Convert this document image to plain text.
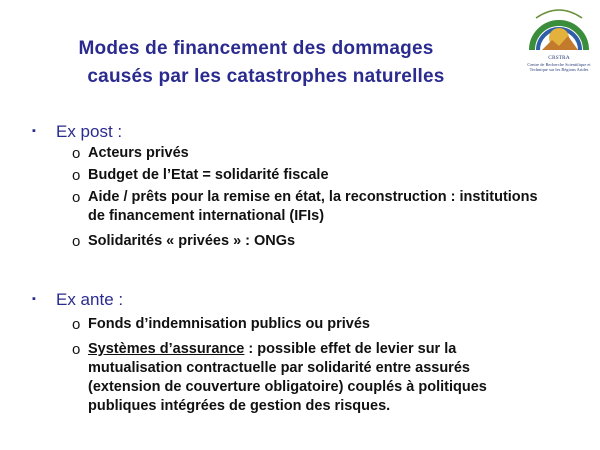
Modes de financement des dommages
causés par les catastrophes naturelles
CRSTRA
Centre de Recherche Scientifique et Technique sur les Régions Arides
▪ Ex post :
o Acteurs privés
o Budget de l’Etat = solidarité fiscale
o Aide / prêts pour la remise en état, la reconstruction : institutions de financement international (IFIs)
o Solidarités « privées » : ONGs
▪ Ex ante :
o Fonds d’indemnisation publics ou privés
o Systèmes d’assurance : possible effet de levier sur la mutualisation contractuelle par solidarité entre assurés (extension de couverture obligatoire) couplés à politiques publiques intégrées de gestion des risques.
